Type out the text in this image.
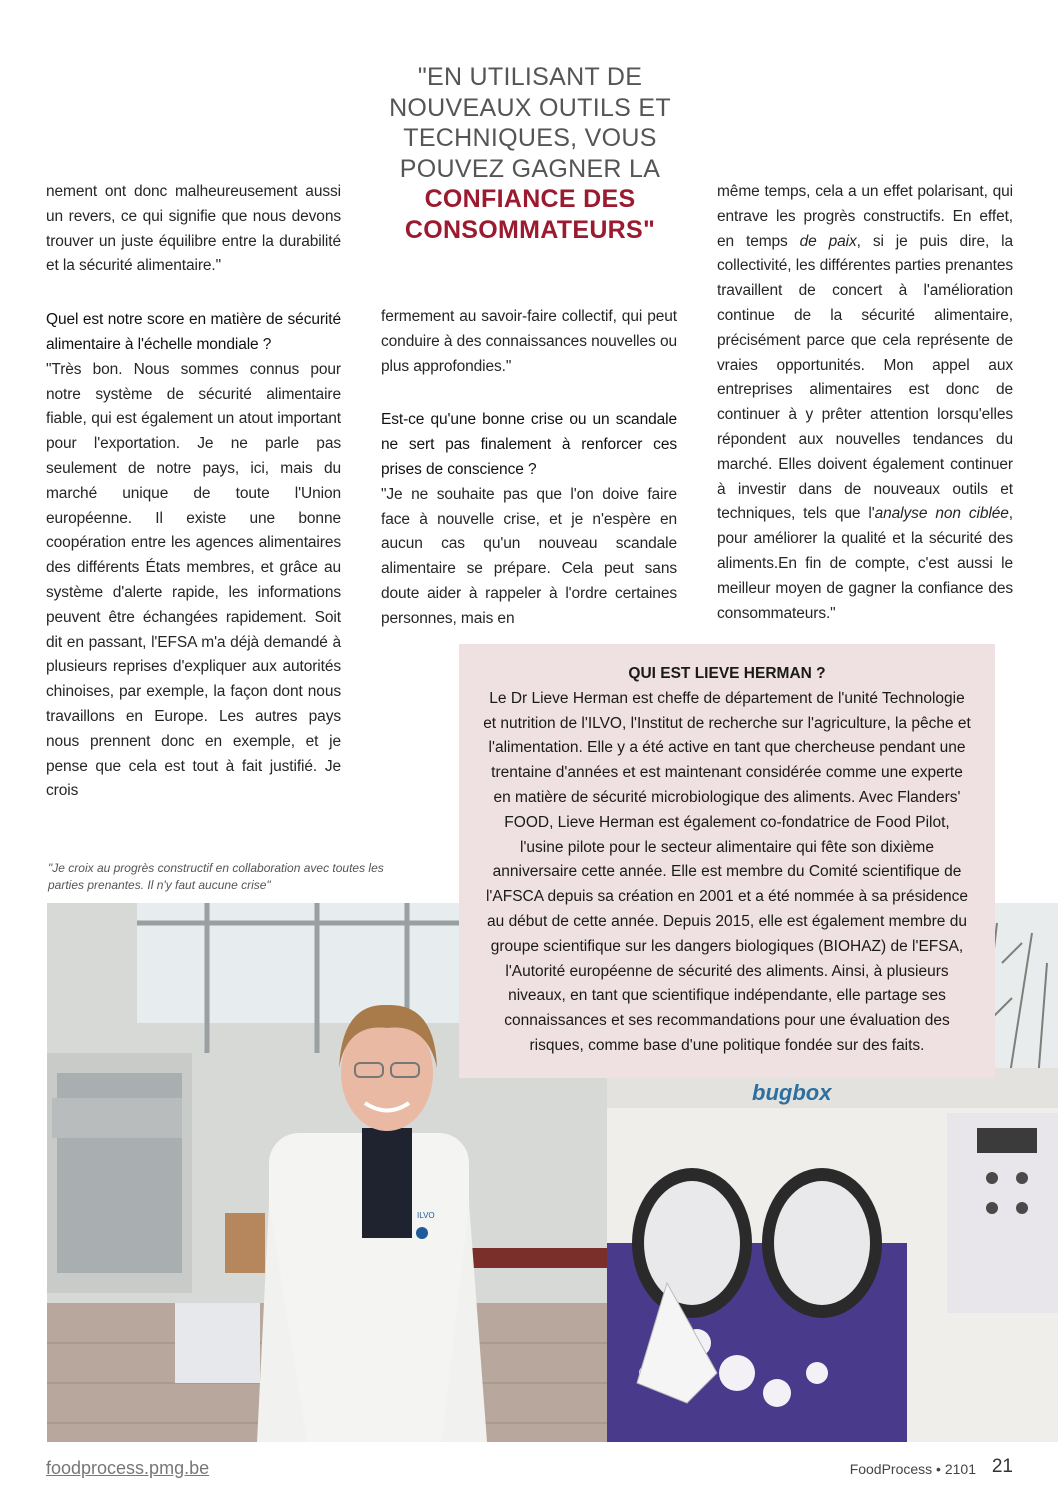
"EN UTILISANT DE NOUVEAUX OUTILS ET TECHNIQUES, VOUS POUVEZ GAGNER LA
CONFIANCE DES CONSOMMATEURS"

nement ont donc malheureusement aussi un revers, ce qui signifie que nous devons trouver un juste équilibre entre la durabilité et la sécurité alimentaire."

Quel est notre score en matière de sécurité alimentaire à l'échelle mondiale ?

"Très bon. Nous sommes connus pour notre système de sécurité alimentaire fiable, qui est également un atout important pour l'exportation. Je ne parle pas seulement de notre pays, ici, mais du marché unique de toute l'Union européenne. Il existe une bonne coopération entre les agences alimentaires des différents États membres, et grâce au système d'alerte rapide, les informations peuvent être échangées rapidement. Soit dit en passant, l'EFSA m'a déjà demandé à plusieurs reprises d'expliquer aux autorités chinoises, par exemple, la façon dont nous travaillons en Europe. Les autres pays nous prennent donc en exemple, et je pense que cela est tout à fait justifié. Je crois

fermement au savoir-faire collectif, qui peut conduire à des connaissances nouvelles ou plus approfondies."

Est-ce qu'une bonne crise ou un scandale ne sert pas finalement à renforcer ces prises de conscience ?

"Je ne souhaite pas que l'on doive faire face à nouvelle crise, et je n'espère en aucun cas qu'un nouveau scandale alimentaire se prépare. Cela peut sans doute aider à rappeler à l'ordre certaines personnes, mais en

même temps, cela a un effet polarisant, qui entrave les progrès constructifs. En effet, en temps de paix, si je puis dire, la collectivité, les différentes parties prenantes travaillent de concert à l'amélioration continue de la sécurité alimentaire, précisément parce que cela représente de vraies opportunités. Mon appel aux entreprises alimentaires est donc de continuer à y prêter attention lorsqu'elles répondent aux nouvelles tendances du marché. Elles doivent également continuer à investir dans de nouveaux outils et techniques, tels que l'analyse non ciblée, pour améliorer la qualité et la sécurité des aliments.En fin de compte, c'est aussi le meilleur moyen de gagner la confiance des consommateurs."

"Je croix au progrès constructif en collaboration avec toutes les parties prenantes. Il n'y faut aucune crise"
bugbox
ILVO
QUI EST LIEVE HERMAN ?
Le Dr Lieve Herman est cheffe de département de l'unité Technologie et nutrition de l'ILVO, l'Institut de recherche sur l'agriculture, la pêche et l'alimentation. Elle y a été active en tant que chercheuse pendant une trentaine d'années et est maintenant considérée comme une experte en matière de sécurité microbiologique des aliments. Avec Flanders' FOOD, Lieve Herman est également co-fondatrice de Food Pilot, l'usine pilote pour le secteur alimentaire qui fête son dixième anniversaire cette année. Elle est membre du Comité scientifique de l'AFSCA depuis sa création en 2001 et a été nommée à sa présidence au début de cette année. Depuis 2015, elle est également membre du groupe scientifique sur les dangers biologiques (BIOHAZ) de l'EFSA, l'Autorité européenne de sécurité des aliments. Ainsi, à plusieurs niveaux, en tant que scientifique indépendante, elle partage ses connaissances et ses recommandations pour une évaluation des risques, comme base d'une politique fondée sur des faits.
foodprocess.pmg.be	FoodProcess • 2101 21
